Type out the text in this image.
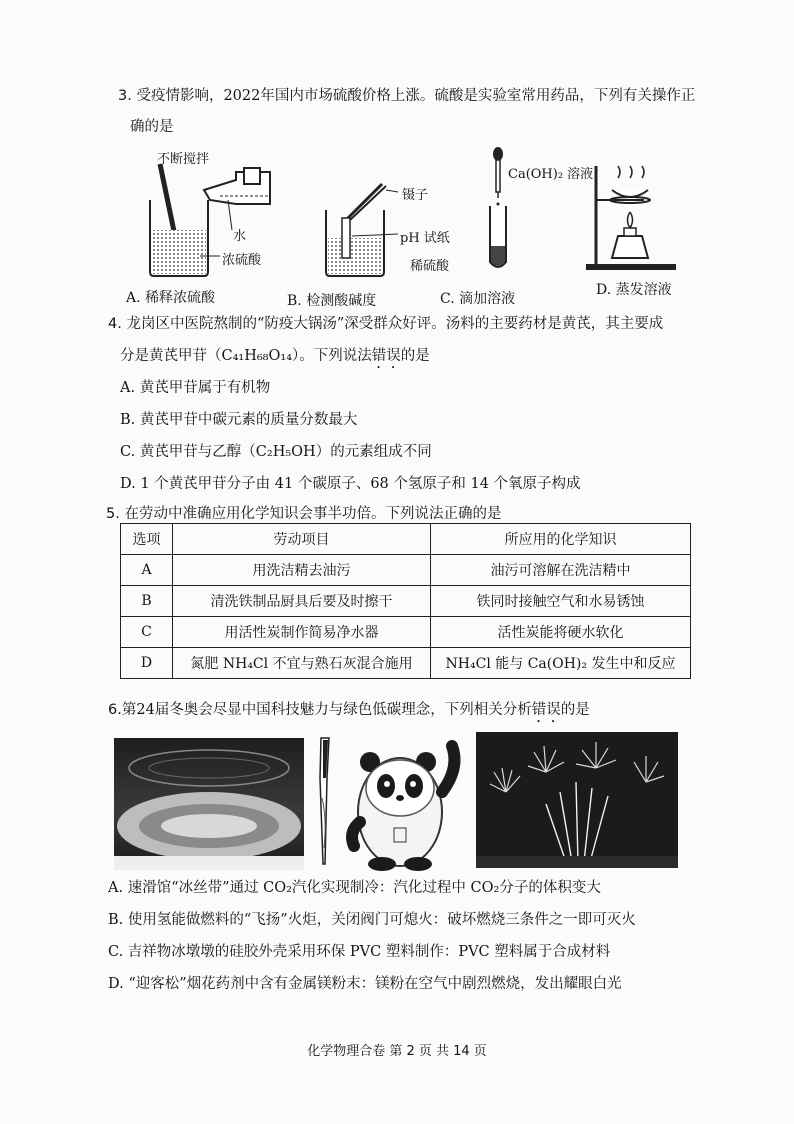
3. 受疫情影响，2022年国内市场硫酸价格上涨。硫酸是实验室常用药品，下列有关操作正
确的是
不断搅拌
水
浓硫酸
A. 稀释浓硫酸
镊子
pH 试纸
B. 检测酸碱度
Ca(OH)₂ 溶液
稀硫酸
C. 滴加溶液
D. 蒸发溶液
4. 龙岗区中医院熬制的“防疫大锅汤”深受群众好评。汤料的主要药材是黄芪，其主要成
分是黄芪甲苷（C₄₁H₆₈O₁₄）。下列说法错误的是
A. 黄芪甲苷属于有机物
B. 黄芪甲苷中碳元素的质量分数最大
C. 黄芪甲苷与乙醇（C₂H₅OH）的元素组成不同
D. 1 个黄芪甲苷分子由 41 个碳原子、68 个氢原子和 14 个氧原子构成
5. 在劳动中准确应用化学知识会事半功倍。下列说法正确的是
选项	劳动项目	所应用的化学知识
A	用洗洁精去油污	油污可溶解在洗洁精中
B	清洗铁制品厨具后要及时擦干	铁同时接触空气和水易锈蚀
C	用活性炭制作简易净水器	活性炭能将硬水软化
D	氮肥 NH₄Cl 不宜与熟石灰混合施用	NH₄Cl 能与 Ca(OH)₂ 发生中和反应
6.第24届冬奥会尽显中国科技魅力与绿色低碳理念，下列相关分析错误的是
A. 速滑馆“冰丝带”通过 CO₂汽化实现制冷：汽化过程中 CO₂分子的体积变大
B. 使用氢能做燃料的“飞扬”火炬，关闭阀门可熄火：破坏燃烧三条件之一即可灭火
C. 吉祥物冰墩墩的硅胶外壳采用环保 PVC 塑料制作：PVC 塑料属于合成材料
D. “迎客松”烟花药剂中含有金属镁粉末：镁粉在空气中剧烈燃烧，发出耀眼白光
化学物理合卷 第 2 页 共 14 页
